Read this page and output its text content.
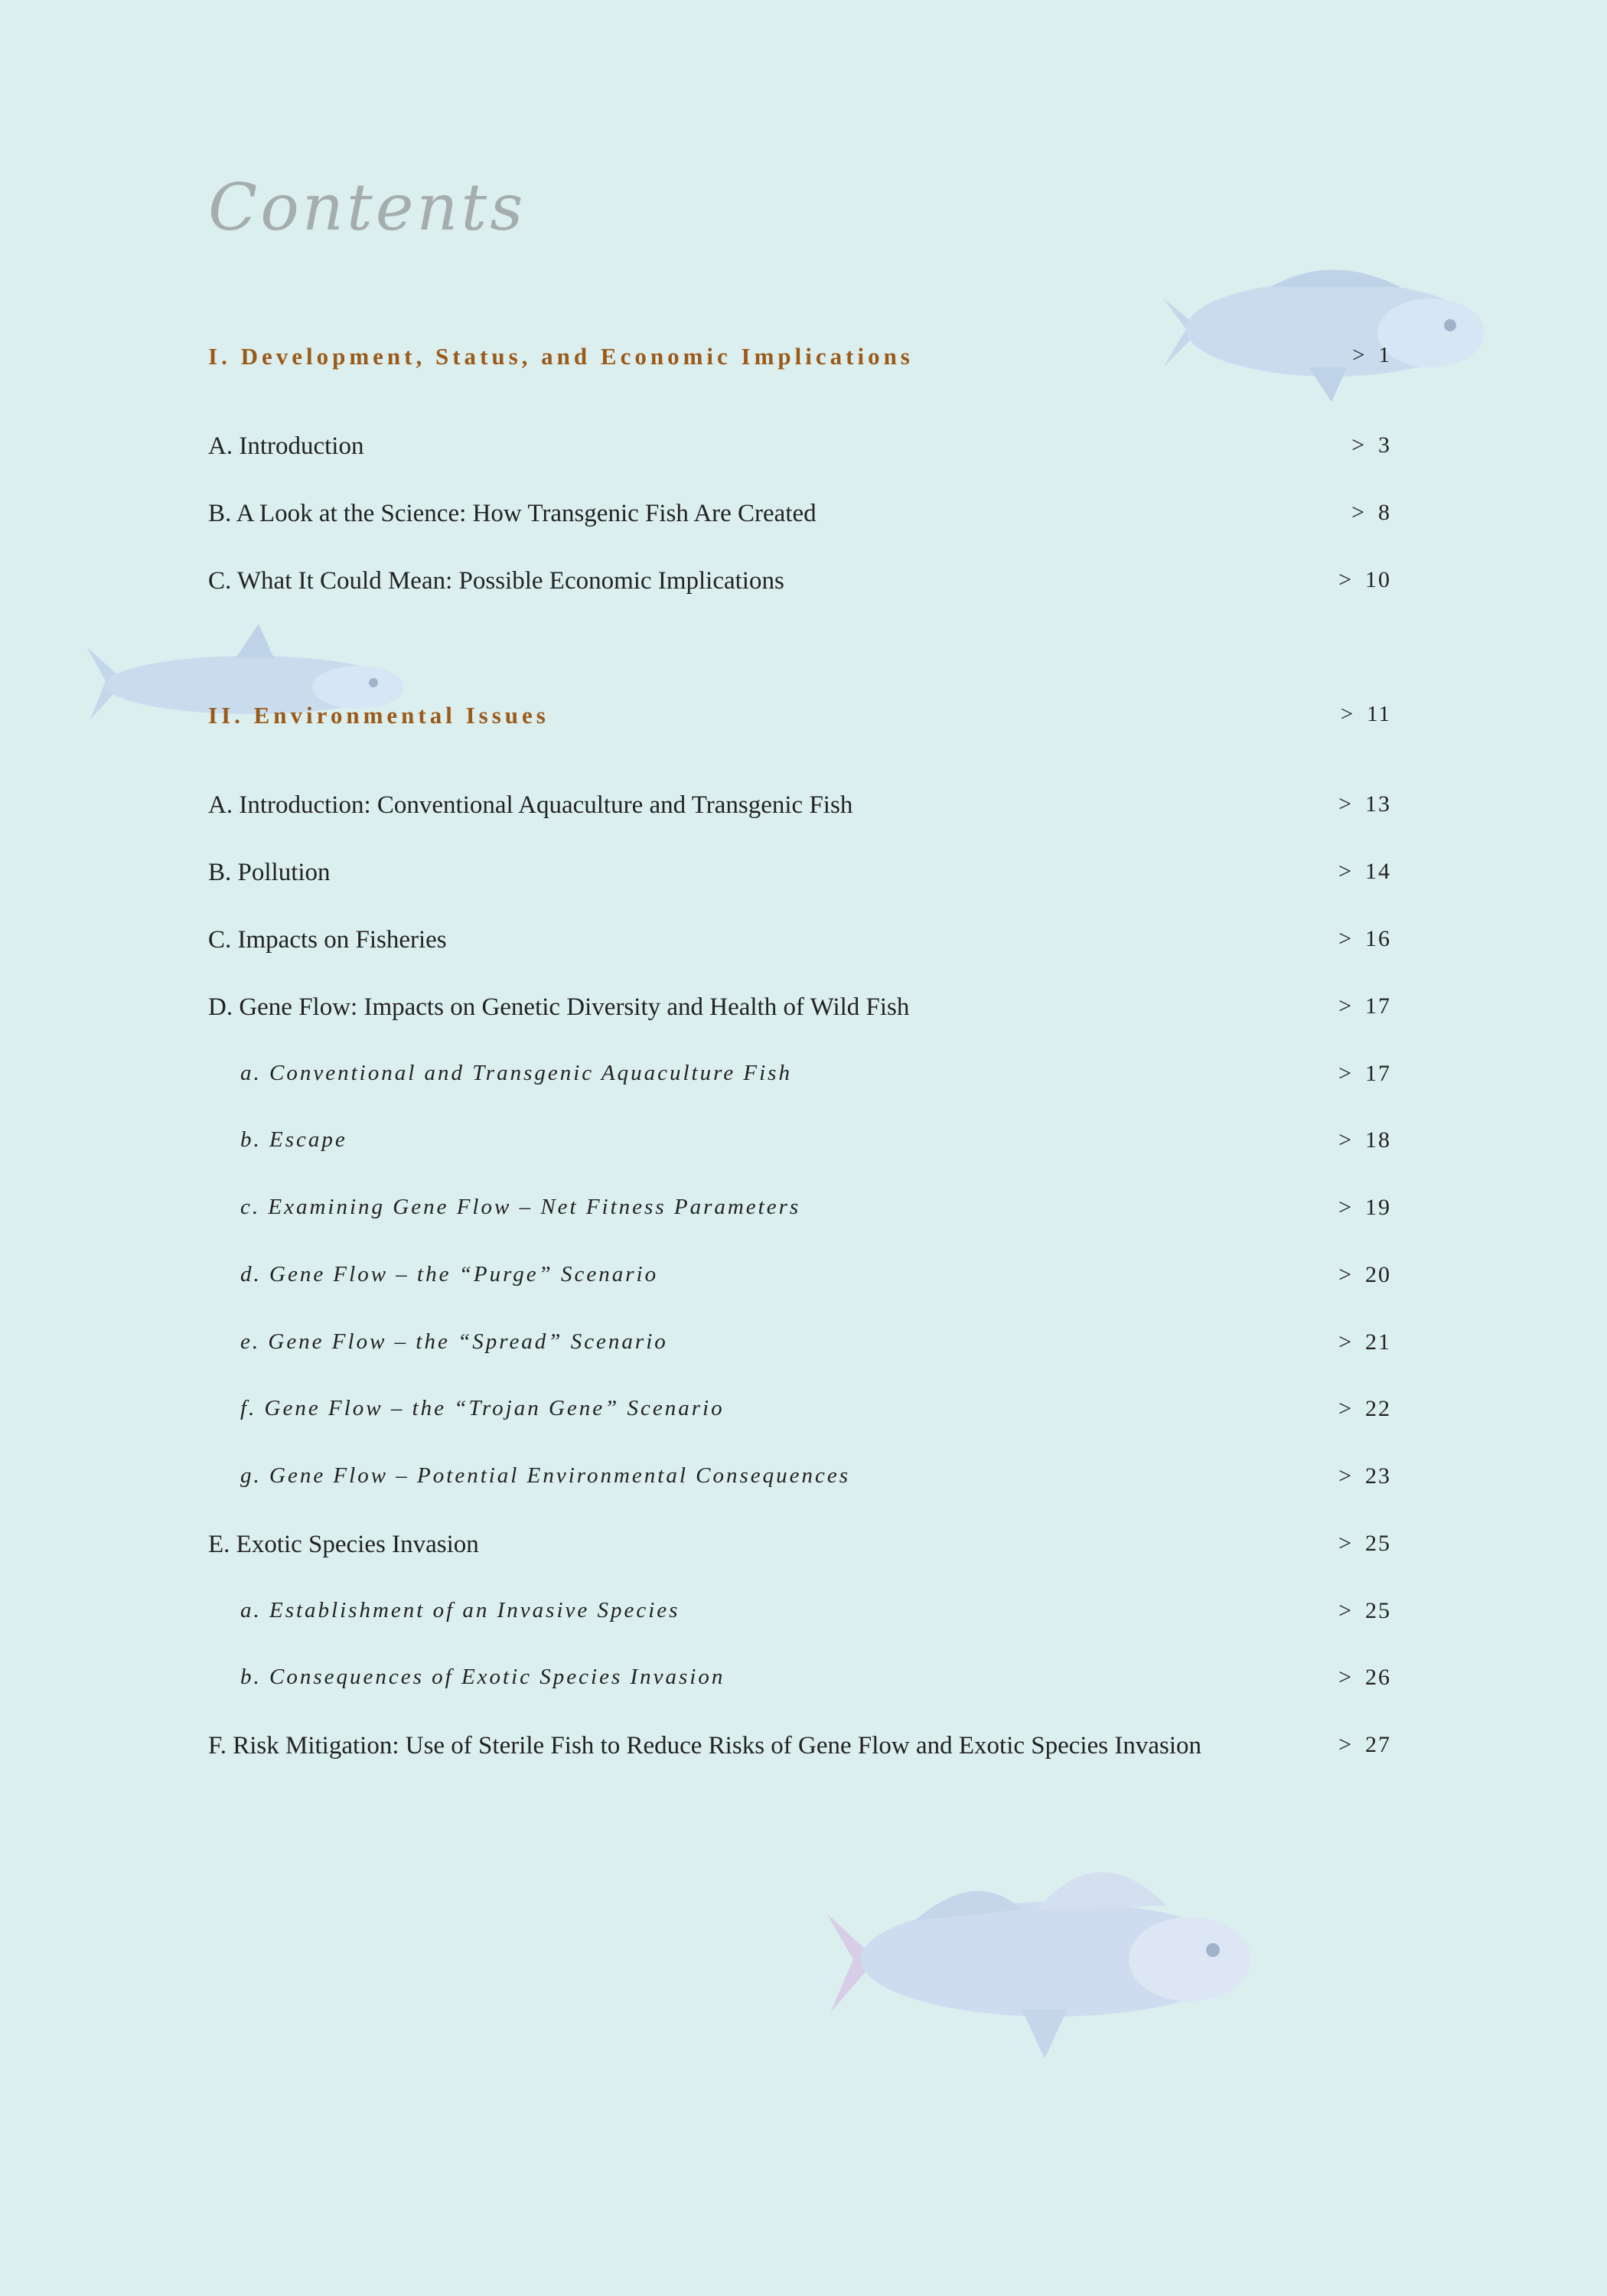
Contents
I. Development, Status, and Economic Implications	> 1
A. Introduction	> 3
B. A Look at the Science: How Transgenic Fish Are Created	> 8
C. What It Could Mean: Possible Economic Implications	> 10
II. Environmental Issues	> 11
A. Introduction: Conventional Aquaculture and Transgenic Fish	> 13
B. Pollution	> 14
C. Impacts on Fisheries	> 16
D. Gene Flow: Impacts on Genetic Diversity and Health of Wild Fish	> 17
a. Conventional and Transgenic Aquaculture Fish	> 17
b. Escape	> 18
c. Examining Gene Flow – Net Fitness Parameters	> 19
d. Gene Flow – the “Purge” Scenario	> 20
e. Gene Flow – the “Spread” Scenario	> 21
f. Gene Flow – the “Trojan Gene” Scenario	> 22
g. Gene Flow – Potential Environmental Consequences	> 23
E. Exotic Species Invasion	> 25
a. Establishment of an Invasive Species	> 25
b. Consequences of Exotic Species Invasion	> 26
F. Risk Mitigation: Use of Sterile Fish to Reduce Risks of Gene Flow and Exotic Species Invasion	> 27
